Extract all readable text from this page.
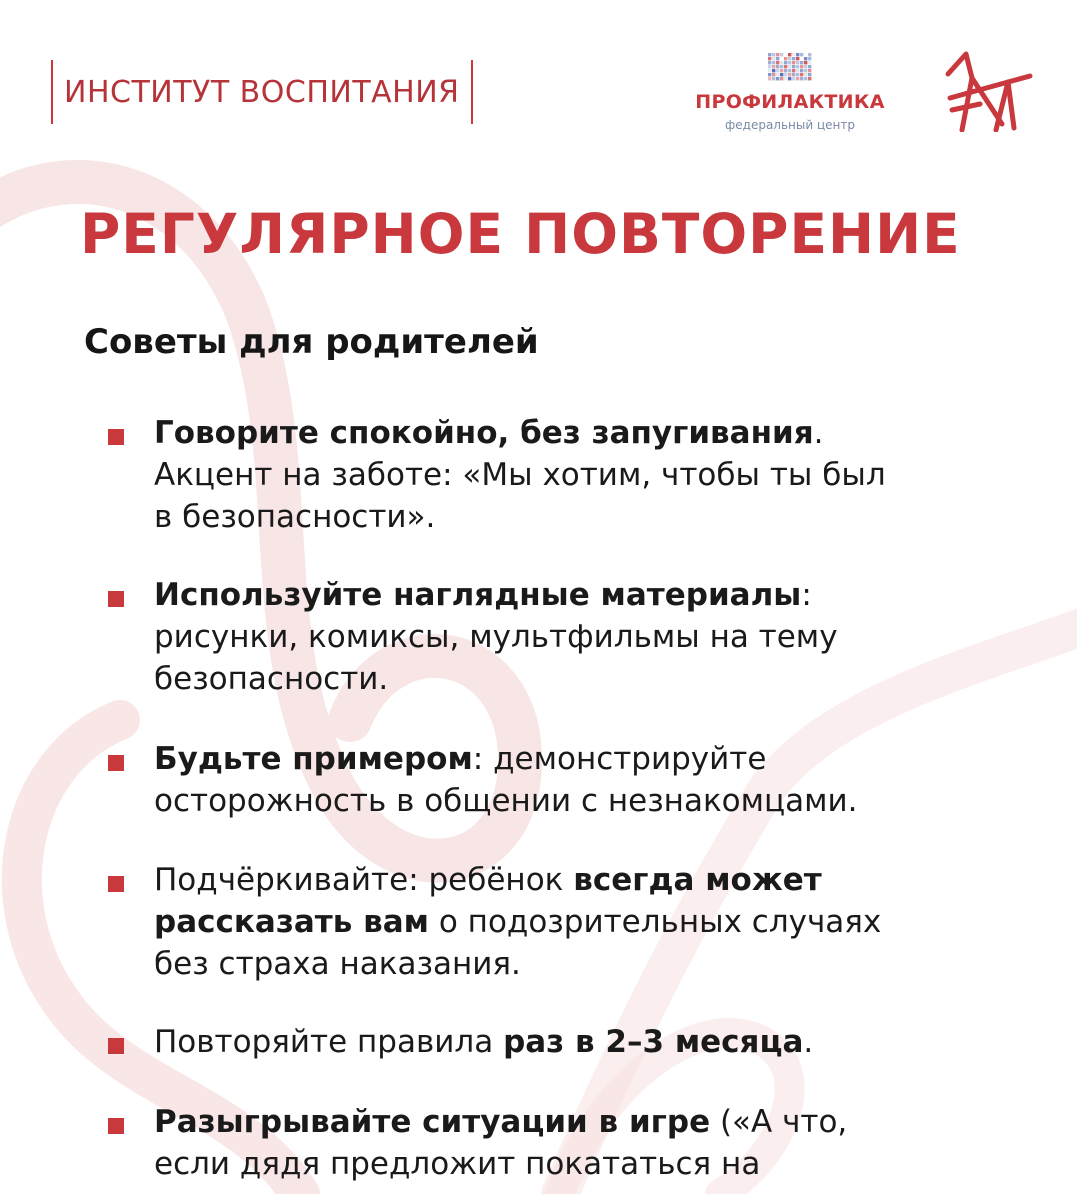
ИНСТИТУТ ВОСПИТАНИЯ	ПРОФИЛАКТИКА
федеральный центр
РЕГУЛЯРНОЕ ПОВТОРЕНИЕ
Советы для родителей
Говорите спокойно, без запугивания.
Акцент на заботе: «Мы хотим, чтобы ты был
в безопасности».
Используйте наглядные материалы:
рисунки, комиксы, мультфильмы на тему
безопасности.
Будьте примером: демонстрируйте
осторожность в общении с незнакомцами.
Подчёркивайте: ребёнок всегда может
рассказать вам о подозрительных случаях
без страха наказания.
Повторяйте правила раз в 2–3 месяца.
Разыгрывайте ситуации в игре («А что,
если дядя предложит покататься на
